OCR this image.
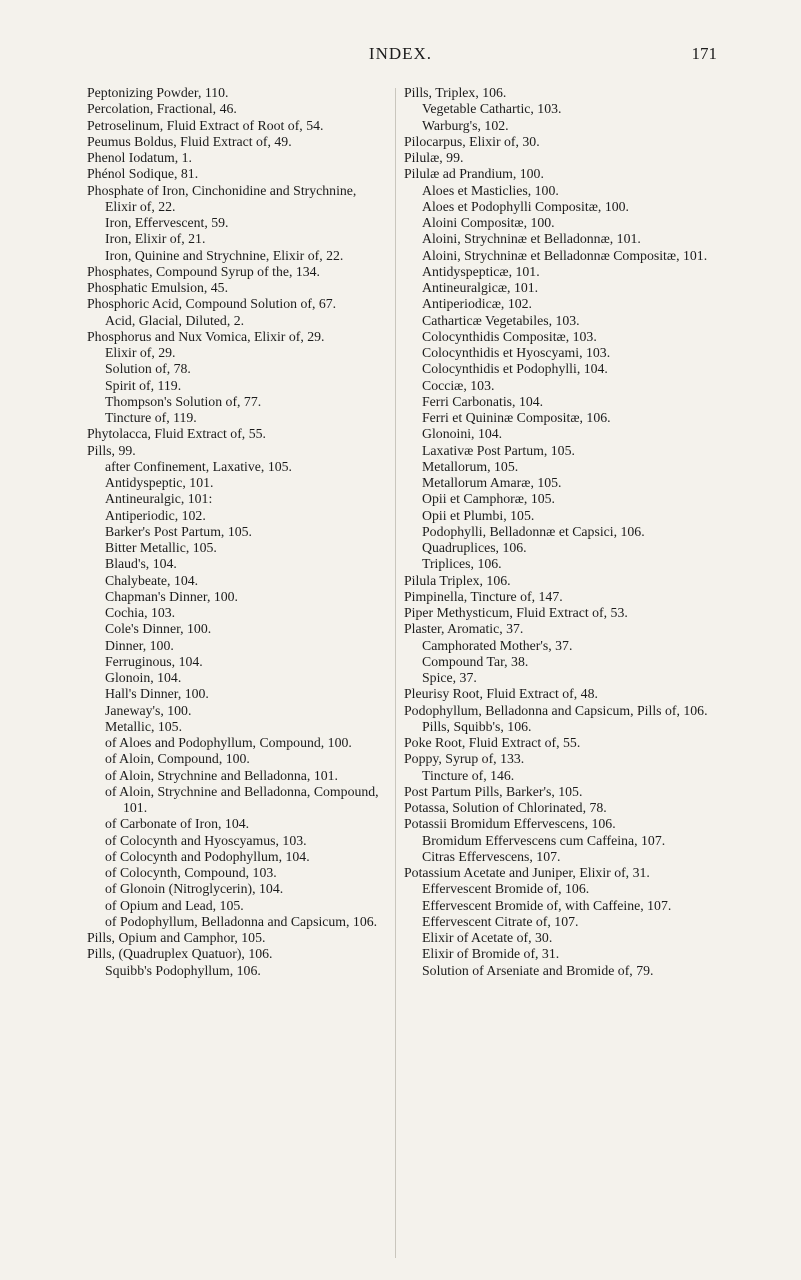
INDEX.	171

Peptonizing Powder, 110.

Percolation, Fractional, 46.

Petroselinum, Fluid Extract of Root of, 54.

Peumus Boldus, Fluid Extract of, 49.

Phenol Iodatum, 1.

Phénol Sodique, 81.

Phosphate of Iron, Cinchonidine and Strychnine, Elixir of, 22.

Iron, Effervescent, 59.

Iron, Elixir of, 21.

Iron, Quinine and Strychnine, Elixir of, 22.

Phosphates, Compound Syrup of the, 134.

Phosphatic Emulsion, 45.

Phosphoric Acid, Compound Solution of, 67.

Acid, Glacial, Diluted, 2.

Phosphorus and Nux Vomica, Elixir of, 29.

Elixir of, 29.

Solution of, 78.

Spirit of, 119.

Thompson's Solution of, 77.

Tincture of, 119.

Phytolacca, Fluid Extract of, 55.

Pills, 99.

after Confinement, Laxative, 105.

Antidyspeptic, 101.

Antineuralgic, 101:

Antiperiodic, 102.

Barker's Post Partum, 105.

Bitter Metallic, 105.

Blaud's, 104.

Chalybeate, 104.

Chapman's Dinner, 100.

Cochia, 103.

Cole's Dinner, 100.

Dinner, 100.

Ferruginous, 104.

Glonoin, 104.

Hall's Dinner, 100.

Janeway's, 100.

Metallic, 105.

of Aloes and Podophyllum, Compound, 100.

of Aloin, Compound, 100.

of Aloin, Strychnine and Belladonna, 101.

of Aloin, Strychnine and Belladonna, Compound, 101.

of Carbonate of Iron, 104.

of Colocynth and Hyoscyamus, 103.

of Colocynth and Podophyllum, 104.

of Colocynth, Compound, 103.

of Glonoin (Nitroglycerin), 104.

of Opium and Lead, 105.

of Podophyllum, Belladonna and Capsicum, 106.

Pills, Opium and Camphor, 105.

Pills, (Quadruplex Quatuor), 106.

Squibb's Podophyllum, 106.

Pills, Triplex, 106.

Vegetable Cathartic, 103.

Warburg's, 102.

Pilocarpus, Elixir of, 30.

Pilulæ, 99.

Pilulæ ad Prandium, 100.

Aloes et Masticlies, 100.

Aloes et Podophylli Compositæ, 100.

Aloini Compositæ, 100.

Aloini, Strychninæ et Belladonnæ, 101.

Aloini, Strychninæ et Belladonnæ Compositæ, 101.

Antidyspepticæ, 101.

Antineuralgicæ, 101.

Antiperiodicæ, 102.

Catharticæ Vegetabiles, 103.

Colocynthidis Compositæ, 103.

Colocynthidis et Hyoscyami, 103.

Colocynthidis et Podophylli, 104.

Cocciæ, 103.

Ferri Carbonatis, 104.

Ferri et Quininæ Compositæ, 106.

Glonoini, 104.

Laxativæ Post Partum, 105.

Metallorum, 105.

Metallorum Amaræ, 105.

Opii et Camphoræ, 105.

Opii et Plumbi, 105.

Podophylli, Belladonnæ et Capsici, 106.

Quadruplices, 106.

Triplices, 106.

Pilula Triplex, 106.

Pimpinella, Tincture of, 147.

Piper Methysticum, Fluid Extract of, 53.

Plaster, Aromatic, 37.

Camphorated Mother's, 37.

Compound Tar, 38.

Spice, 37.

Pleurisy Root, Fluid Extract of, 48.

Podophyllum, Belladonna and Capsicum, Pills of, 106.

Pills, Squibb's, 106.

Poke Root, Fluid Extract of, 55.

Poppy, Syrup of, 133.

Tincture of, 146.

Post Partum Pills, Barker's, 105.

Potassa, Solution of Chlorinated, 78.

Potassii Bromidum Effervescens, 106.

Bromidum Effervescens cum Caffeina, 107.

Citras Effervescens, 107.

Potassium Acetate and Juniper, Elixir of, 31.

Effervescent Bromide of, 106.

Effervescent Bromide of, with Caffeine, 107.

Effervescent Citrate of, 107.

Elixir of Acetate of, 30.

Elixir of Bromide of, 31.

Solution of Arseniate and Bromide of, 79.
